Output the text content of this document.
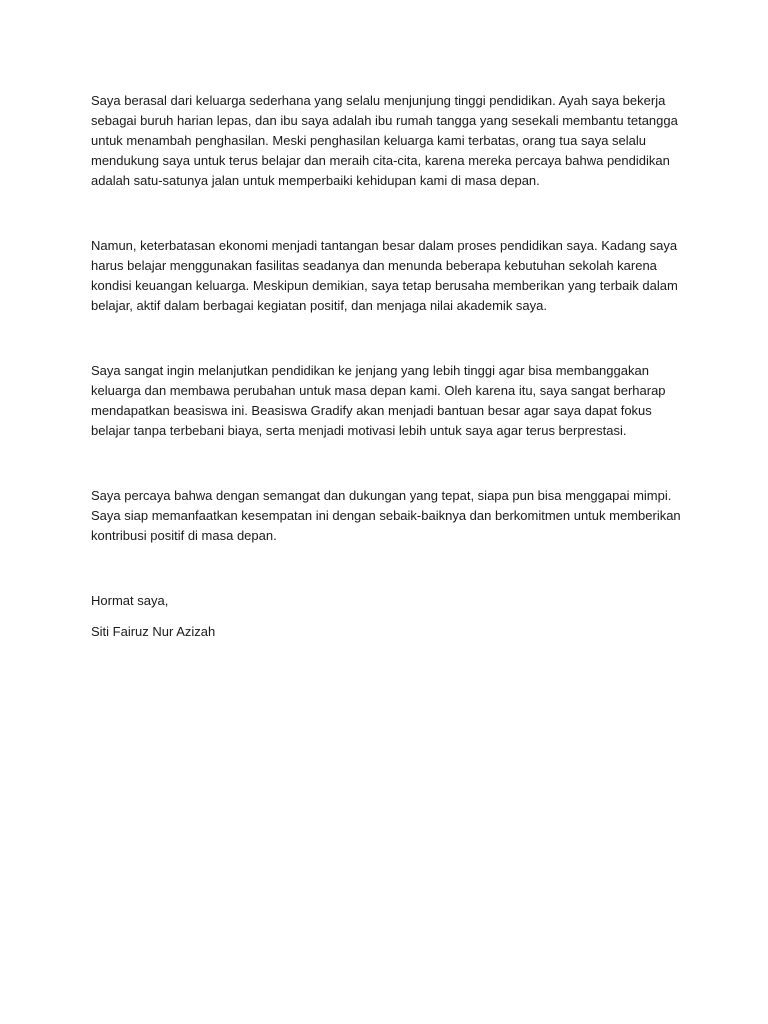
Saya berasal dari keluarga sederhana yang selalu menjunjung tinggi pendidikan. Ayah saya bekerja sebagai buruh harian lepas, dan ibu saya adalah ibu rumah tangga yang sesekali membantu tetangga untuk menambah penghasilan. Meski penghasilan keluarga kami terbatas, orang tua saya selalu mendukung saya untuk terus belajar dan meraih cita-cita, karena mereka percaya bahwa pendidikan adalah satu-satunya jalan untuk memperbaiki kehidupan kami di masa depan.

Namun, keterbatasan ekonomi menjadi tantangan besar dalam proses pendidikan saya. Kadang saya harus belajar menggunakan fasilitas seadanya dan menunda beberapa kebutuhan sekolah karena kondisi keuangan keluarga. Meskipun demikian, saya tetap berusaha memberikan yang terbaik dalam belajar, aktif dalam berbagai kegiatan positif, dan menjaga nilai akademik saya.

Saya sangat ingin melanjutkan pendidikan ke jenjang yang lebih tinggi agar bisa membanggakan keluarga dan membawa perubahan untuk masa depan kami. Oleh karena itu, saya sangat berharap mendapatkan beasiswa ini. Beasiswa Gradify akan menjadi bantuan besar agar saya dapat fokus belajar tanpa terbebani biaya, serta menjadi motivasi lebih untuk saya agar terus berprestasi.

Saya percaya bahwa dengan semangat dan dukungan yang tepat, siapa pun bisa menggapai mimpi. Saya siap memanfaatkan kesempatan ini dengan sebaik-baiknya dan berkomitmen untuk memberikan kontribusi positif di masa depan.

Hormat saya,

Siti Fairuz Nur Azizah
